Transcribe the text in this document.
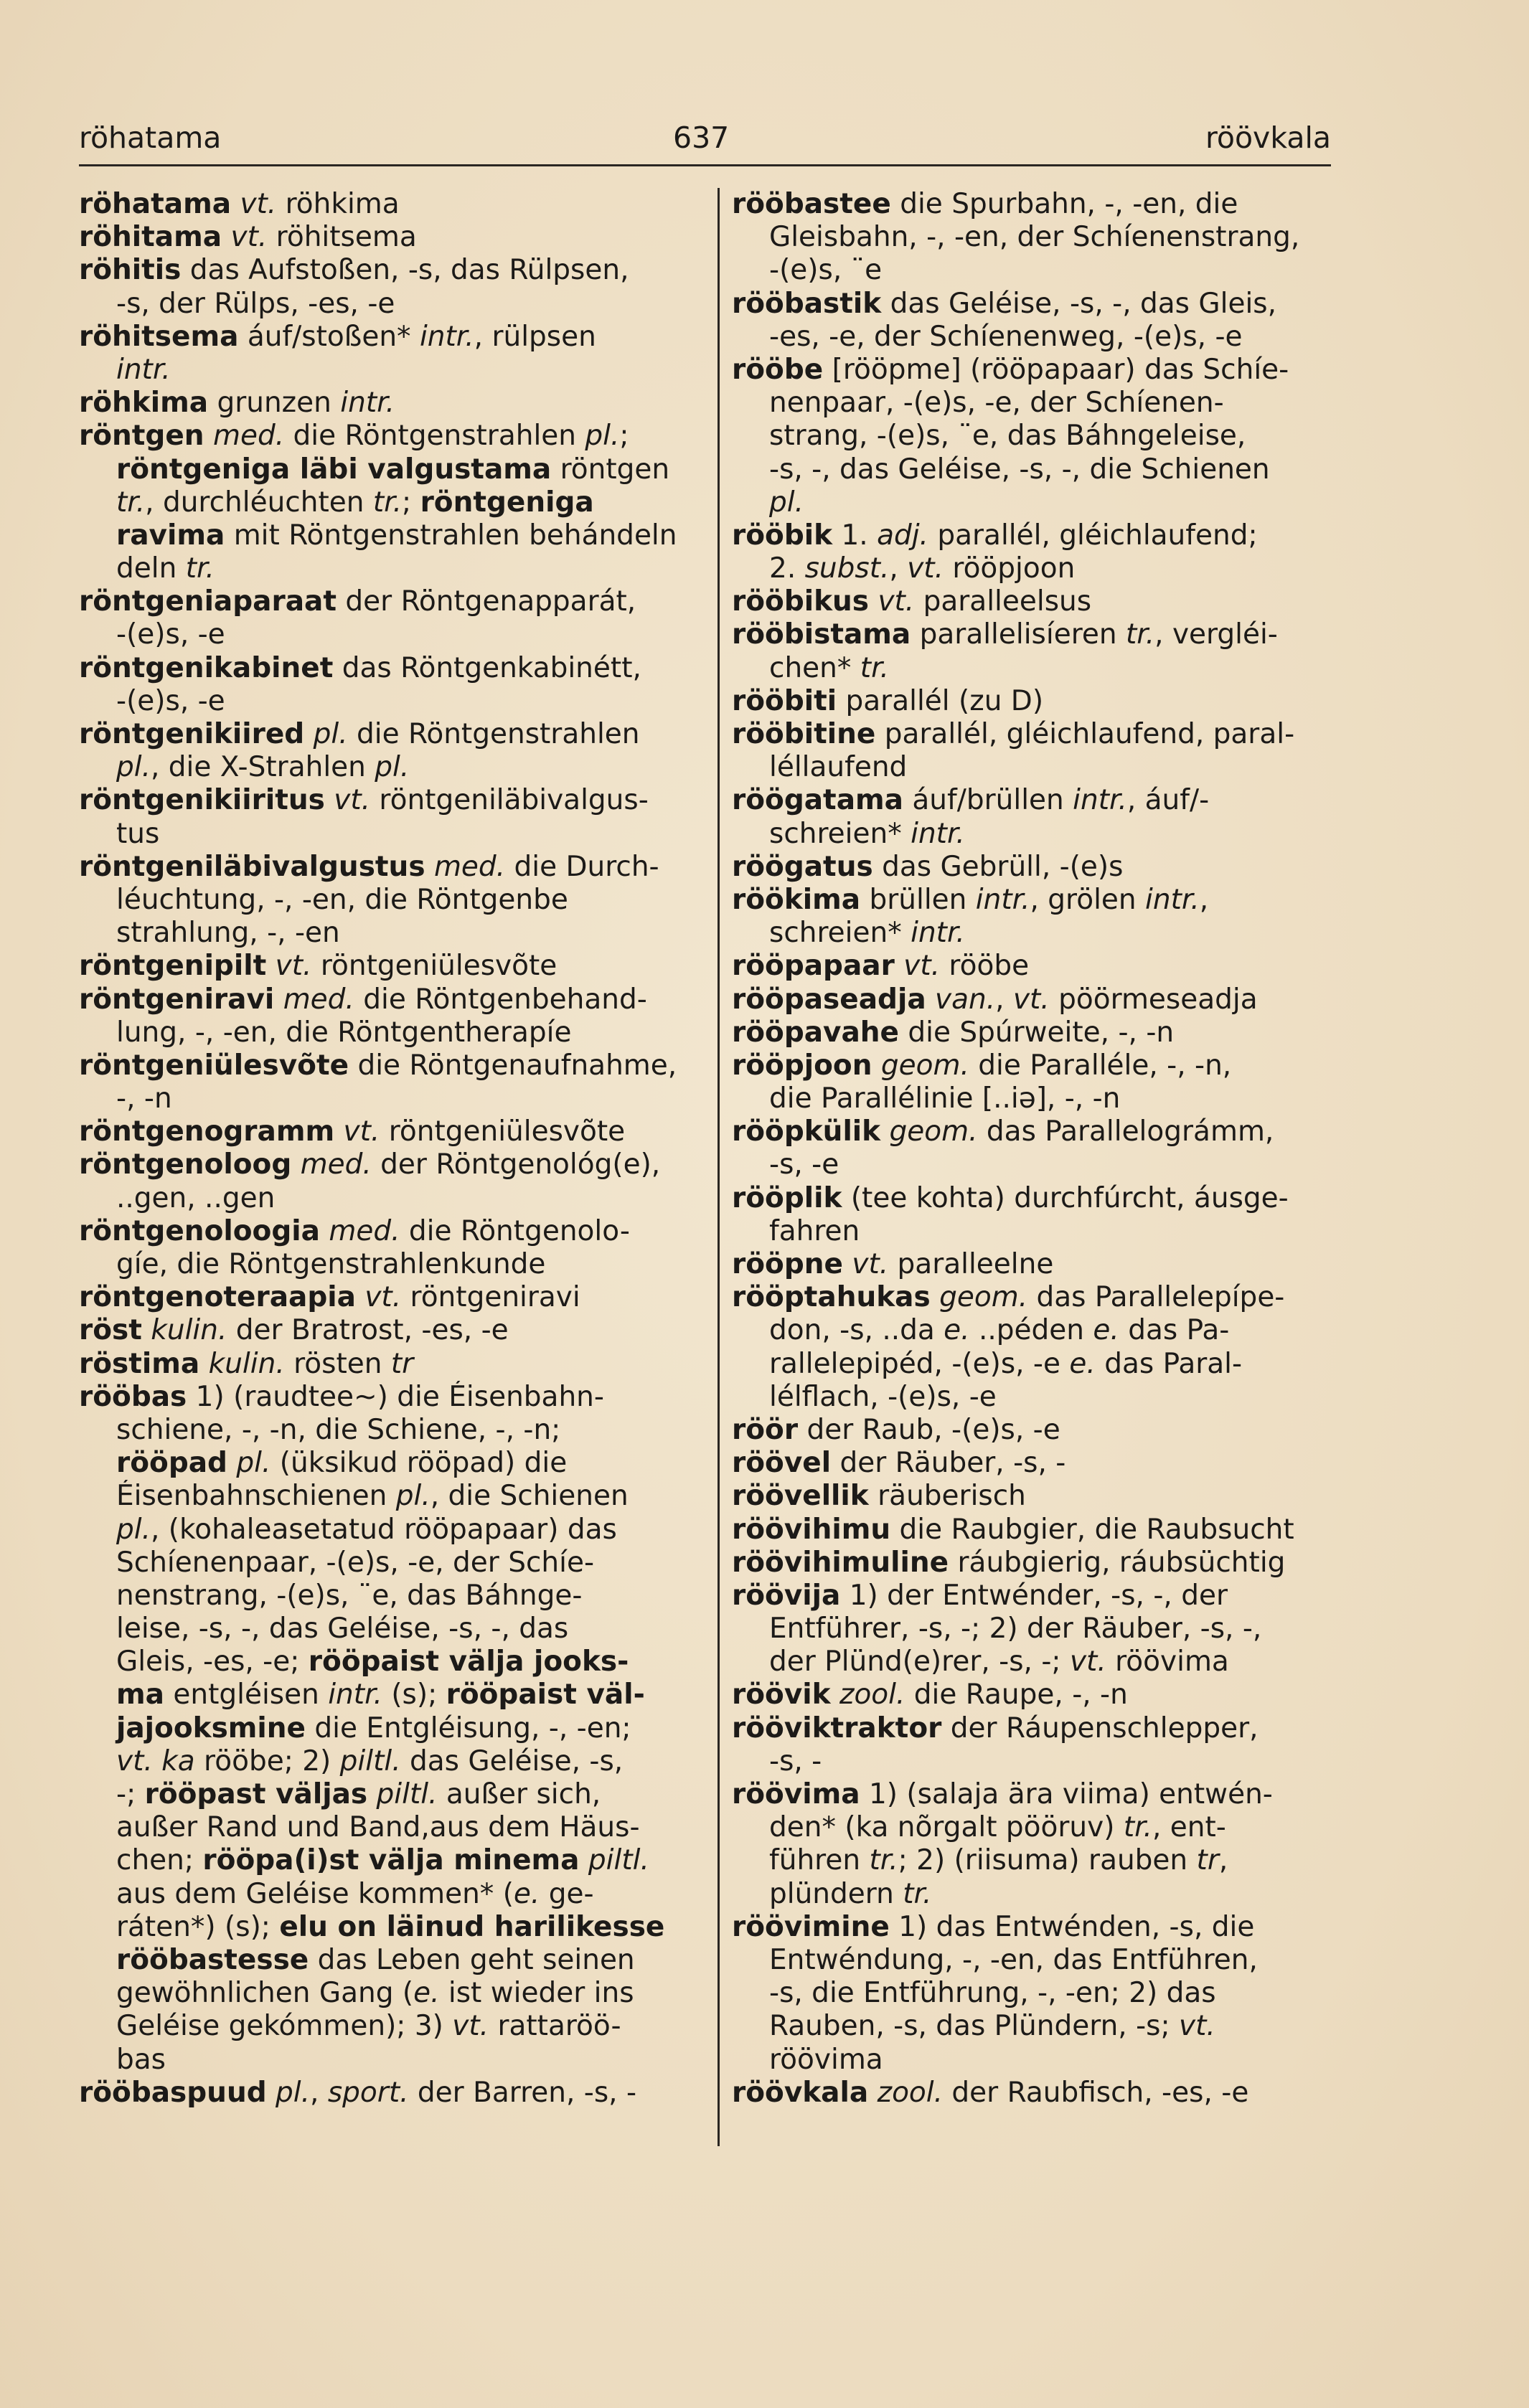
röhatama	637	röövkala
röhatama vt. röhkima
röhitama vt. röhitsema
röhitis das Aufstoßen, -s, das Rülpsen,
-s, der Rülps, -es, -e
röhitsema áuf/stoßen* intr., rülpsen
intr.
röhkima grunzen intr.
röntgen med. die Röntgenstrahlen pl.;
röntgeniga läbi valgustama röntgen
tr., durchléuchten tr.; röntgeniga
ravima mit Röntgenstrahlen behándeln
deln tr.
röntgeniaparaat der Röntgenapparát,
-(e)s, -e
röntgenikabinet das Röntgenkabinétt,
-(e)s, -e
röntgenikiired pl. die Röntgenstrahlen
pl., die X-Strahlen pl.
röntgenikiiritus vt. röntgeniläbivalgus-
tus
röntgeniläbivalgustus med. die Durch-
léuchtung, -, -en, die Röntgenbe
strahlung, -, -en
röntgenipilt vt. röntgeniülesvõte
röntgeniravi med. die Röntgenbehand-
lung, -, -en, die Röntgentherapíe
röntgeniülesvõte die Röntgenaufnahme,
-, -n
röntgenogramm vt. röntgeniülesvõte
röntgenoloog med. der Röntgenológ(e),
..gen, ..gen
röntgenoloogia med. die Röntgenolo-
gíe, die Röntgenstrahlenkunde
röntgenoteraapia vt. röntgeniravi
röst kulin. der Bratrost, -es, -e
röstima kulin. rösten tr
rööbas 1) (raudtee~) die Éisenbahn-
schiene, -, -n, die Schiene, -, -n;
rööpad pl. (üksikud rööpad) die
Éisenbahnschienen pl., die Schienen
pl., (kohaleasetatud rööpapaar) das
Schíenenpaar, -(e)s, -e, der Schíe-
nenstrang, -(e)s, ¨e, das Báhnge-
leise, -s, -, das Geléise, -s, -, das
Gleis, -es, -e; rööpaist välja jooks-
ma entgléisen intr. (s); rööpaist väl-
jajooksmine die Entgléisung, -, -en;
vt. ka rööbe; 2) piltl. das Geléise, -s,
-; rööpast väljas piltl. außer sich,
außer Rand und Band,aus dem Häus-
chen; rööpa(i)st välja minema piltl.
aus dem Geléise kommen* (e. ge-
ráten*) (s); elu on läinud harilikesse
rööbastesse das Leben geht seinen
gewöhnlichen Gang (e. ist wieder ins
Geléise gekómmen); 3) vt. rattaröö-
bas
rööbaspuud pl., sport. der Barren, -s, -
rööbastee die Spurbahn, -, -en, die
Gleisbahn, -, -en, der Schíenenstrang,
-(e)s, ¨e
rööbastik das Geléise, -s, -, das Gleis,
-es, -e, der Schíenenweg, -(e)s, -e
rööbe [rööpme] (rööpapaar) das Schíe-
nenpaar, -(e)s, -e, der Schíenen-
strang, -(e)s, ¨e, das Báhngeleise,
-s, -, das Geléise, -s, -, die Schienen
pl.
rööbik 1. adj. parallél, gléichlaufend;
2. subst., vt. rööpjoon
rööbikus vt. paralleelsus
rööbistama parallelisíeren tr., vergléi-
chen* tr.
rööbiti parallél (zu D)
rööbitine parallél, gléichlaufend, paral-
léllaufend
röögatama áuf/brüllen intr., áuf/-
schreien* intr.
röögatus das Gebrüll, -(e)s
röökima brüllen intr., grölen intr.,
schreien* intr.
rööpapaar vt. rööbe
rööpaseadja van., vt. pöörmeseadja
rööpavahe die Spúrweite, -, -n
rööpjoon geom. die Paralléle, -, -n,
die Parallélinie [..iə], -, -n
rööpkülik geom. das Parallelográmm,
-s, -e
rööplik (tee kohta) durchfúrcht, áusge-
fahren
rööpne vt. paralleelne
rööptahukas geom. das Parallelepípe-
don, -s, ..da e. ..péden e. das Pa-
rallelepipéd, -(e)s, -e e. das Paral-
lélflach, -(e)s, -e
röör der Raub, -(e)s, -e
röövel der Räuber, -s, -
röövellik räuberisch
röövihimu die Raubgier, die Raubsucht
röövihimuline ráubgierig, ráubsüchtig
röövija 1) der Entwénder, -s, -, der
Entführer, -s, -; 2) der Räuber, -s, -,
der Plünd(e)rer, -s, -; vt. röövima
röövik zool. die Raupe, -, -n
rööviktraktor der Ráupenschlepper,
-s, -
röövima 1) (salaja ära viima) entwén-
den* (ka nõrgalt pööruv) tr., ent-
führen tr.; 2) (riisuma) rauben tr,
plündern tr.
röövimine 1) das Entwénden, -s, die
Entwéndung, -, -en, das Entführen,
-s, die Entführung, -, -en; 2) das
Rauben, -s, das Plündern, -s; vt.
röövima
röövkala zool. der Raubfisch, -es, -e
